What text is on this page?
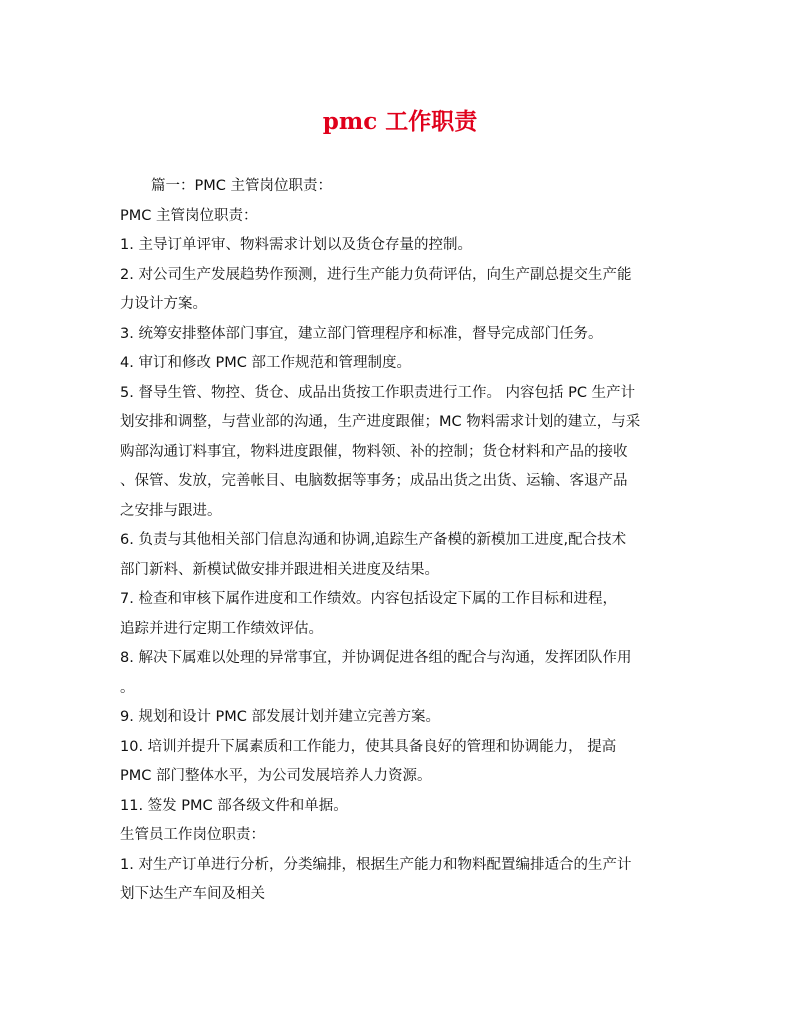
pmc 工作职责
篇一：PMC 主管岗位职责：
PMC 主管岗位职责：
1. 主导订单评审、物料需求计划以及货仓存量的控制。
2. 对公司生产发展趋势作预测，进行生产能力负荷评估，向生产副总提交生产能
力设计方案。
3. 统筹安排整体部门事宜，建立部门管理程序和标准，督导完成部门任务。
4. 审订和修改 PMC 部工作规范和管理制度。
5. 督导生管、物控、货仓、成品出货按工作职责进行工作。 内容包括 PC 生产计
划安排和调整，与营业部的沟通，生产进度跟催；MC 物料需求计划的建立，与采
购部沟通订料事宜，物料进度跟催，物料领、补的控制；货仓材料和产品的接收
、保管、发放，完善帐目、电脑数据等事务；成品出货之出货、运输、客退产品
之安排与跟进。
6. 负责与其他相关部门信息沟通和协调,追踪生产备模的新模加工进度,配合技术
部门新料、新模试做安排并跟进相关进度及结果。
7. 检查和审核下属作进度和工作绩效。内容包括设定下属的工作目标和进程，
追踪并进行定期工作绩效评估。
8. 解决下属难以处理的异常事宜，并协调促进各组的配合与沟通，发挥团队作用
。
9. 规划和设计 PMC 部发展计划并建立完善方案。
10. 培训并提升下属素质和工作能力，使其具备良好的管理和协调能力， 提高
PMC 部门整体水平，为公司发展培养人力资源。
11. 签发 PMC 部各级文件和单据。
生管员工作岗位职责：
1. 对生产订单进行分析，分类编排，根据生产能力和物料配置编排适合的生产计
划下达生产车间及相关
